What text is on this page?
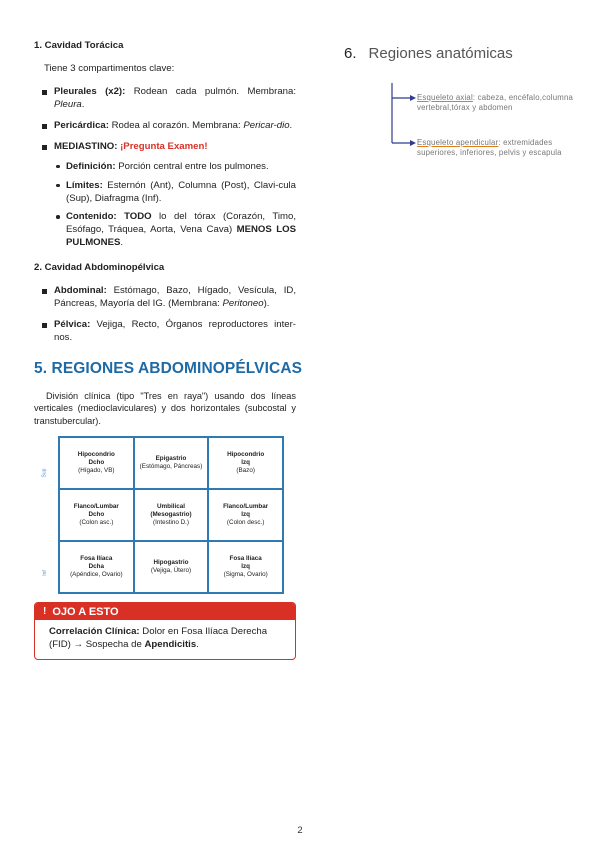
1. Cavidad Torácica
Tiene 3 compartimentos clave:
Pleurales (x2): Rodean cada pulmón. Membrana: Pleura.
Pericárdica: Rodea al corazón. Membrana: Pericar-dio.
MEDIASTINO: ¡Pregunta Examen!
Definición: Porción central entre los pulmones.
Límites: Esternón (Ant), Columna (Post), Clavi-cula (Sup), Diafragma (Inf).
Contenido: TODO lo del tórax (Corazón, Timo, Esófago, Tráquea, Aorta, Vena Cava) MENOS LOS PULMONES.
2. Cavidad Abdominopélvica
Abdominal: Estómago, Bazo, Hígado, Vesícula, ID, Páncreas, Mayoría del IG. (Membrana: Peritoneo).
Pélvica: Vejiga, Recto, Órganos reproductores inter-nos.
5. REGIONES ABDOMINOPÉLVICAS
División clínica (tipo "Tres en raya") usando dos líneas verticales (medioclaviculares) y dos horizontales (subcostal y transtubercular).
Sup
Inf
Hipocondrio
Dcho
(Hígado, VB)
Epigastrio
(Estómago, Páncreas)
Hipocondrio
Izq
(Bazo)
Flanco/Lumbar
Dcho
(Colon asc.)
Umbilical
(Mesogastrio)
(Intestino D.)
Flanco/Lumbar
Izq
(Colon desc.)
Fosa Ilíaca
Dcha
(Apéndice, Ovario)
Hipogastrio
(Vejiga, Útero)
Fosa Ilíaca
Izq
(Sigma, Ovario)
! OJO A ESTO
Correlación Clínica: Dolor en Fosa Ilíaca Derecha (FID) → Sospecha de Apendicitis.
6. Regiones anatómicas
Esqueleto axial: cabeza, encéfalo,columna vertebral,tórax y abdomen
Esqueleto apendicular: extremidades superiores, inferiores, pelvis y escapula
2
